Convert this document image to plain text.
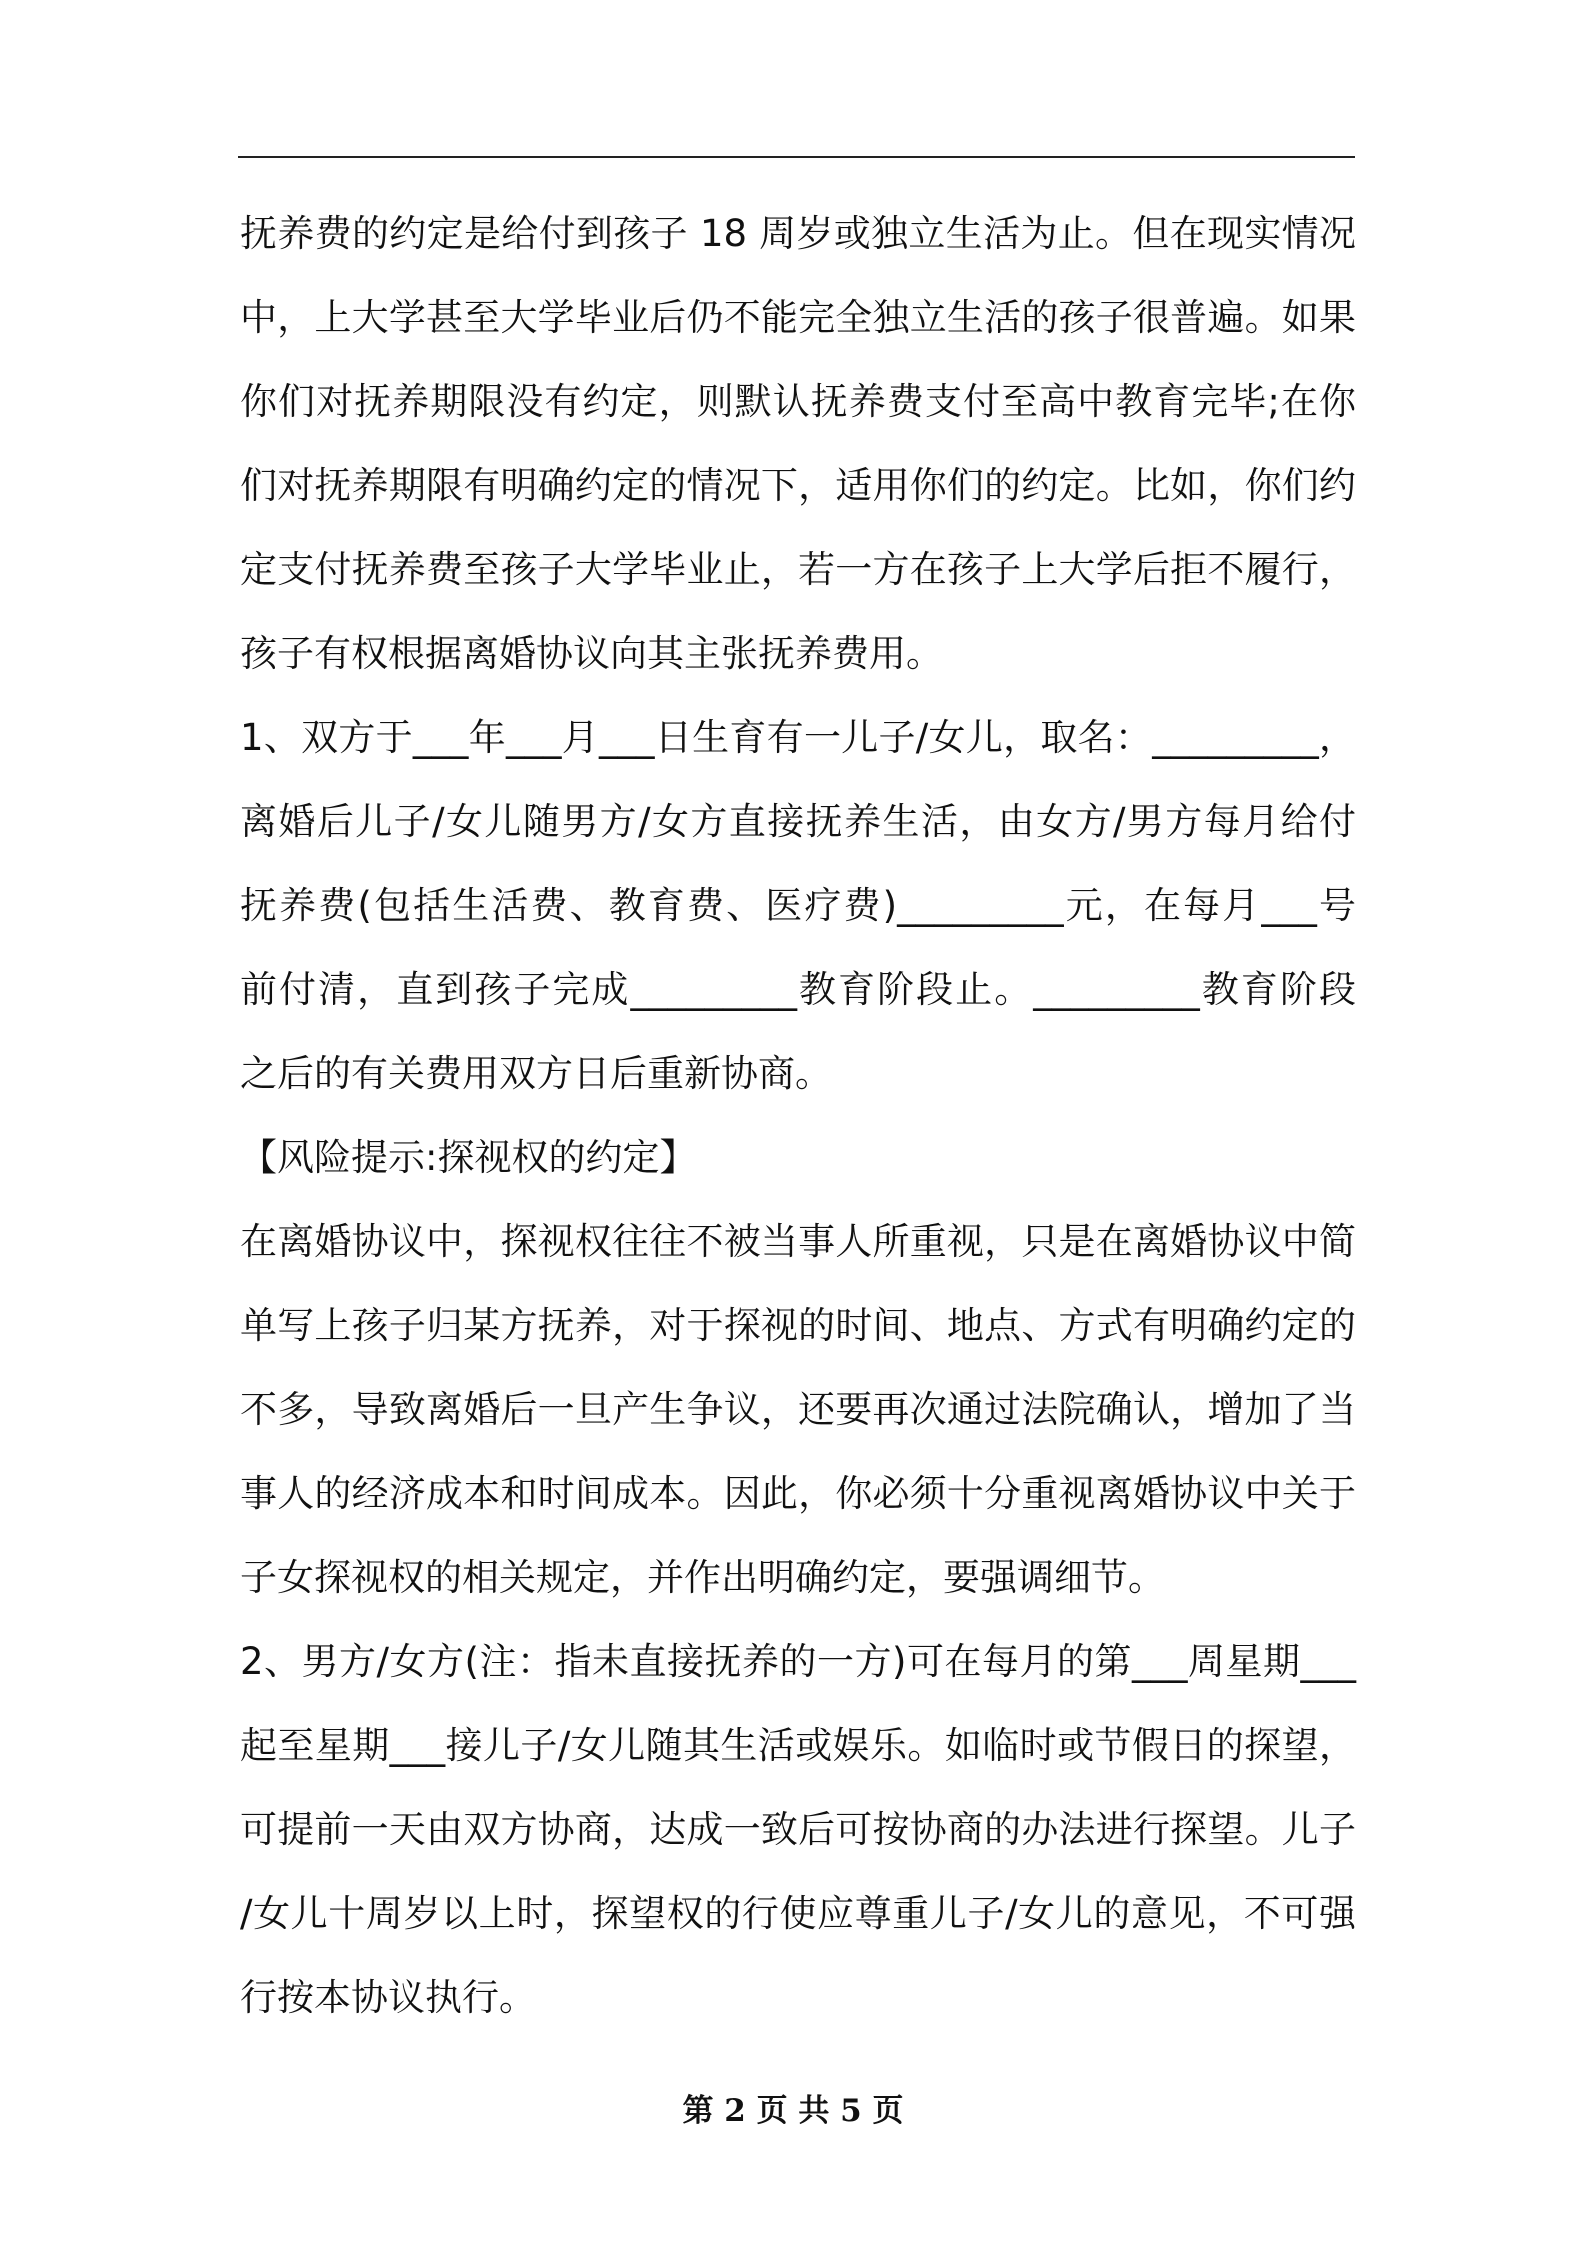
抚养费的约定是给付到孩子 18 周岁或独立生活为止。但在现实情况
中，上大学甚至大学毕业后仍不能完全独立生活的孩子很普遍。如果
你们对抚养期限没有约定，则默认抚养费支付至高中教育完毕;在你
们对抚养期限有明确约定的情况下，适用你们的约定。比如，你们约
定支付抚养费至孩子大学毕业止，若一方在孩子上大学后拒不履行，
孩子有权根据离婚协议向其主张抚养费用。
1、双方于___年___月___日生育有一儿子/女儿，取名：_________，
离婚后儿子/女儿随男方/女方直接抚养生活，由女方/男方每月给付
抚养费(包括生活费、教育费、医疗费)_________元，在每月___号
前付清，直到孩子完成_________教育阶段止。_________教育阶段
之后的有关费用双方日后重新协商。
【风险提示:探视权的约定】
在离婚协议中，探视权往往不被当事人所重视，只是在离婚协议中简
单写上孩子归某方抚养，对于探视的时间、地点、方式有明确约定的
不多，导致离婚后一旦产生争议，还要再次通过法院确认，增加了当
事人的经济成本和时间成本。因此，你必须十分重视离婚协议中关于
子女探视权的相关规定，并作出明确约定，要强调细节。
2、男方/女方(注：指未直接抚养的一方)可在每月的第___周星期___
起至星期___接儿子/女儿随其生活或娱乐。如临时或节假日的探望，
可提前一天由双方协商，达成一致后可按协商的办法进行探望。儿子
/女儿十周岁以上时，探望权的行使应尊重儿子/女儿的意见，不可强
行按本协议执行。
第 2 页 共 5 页
